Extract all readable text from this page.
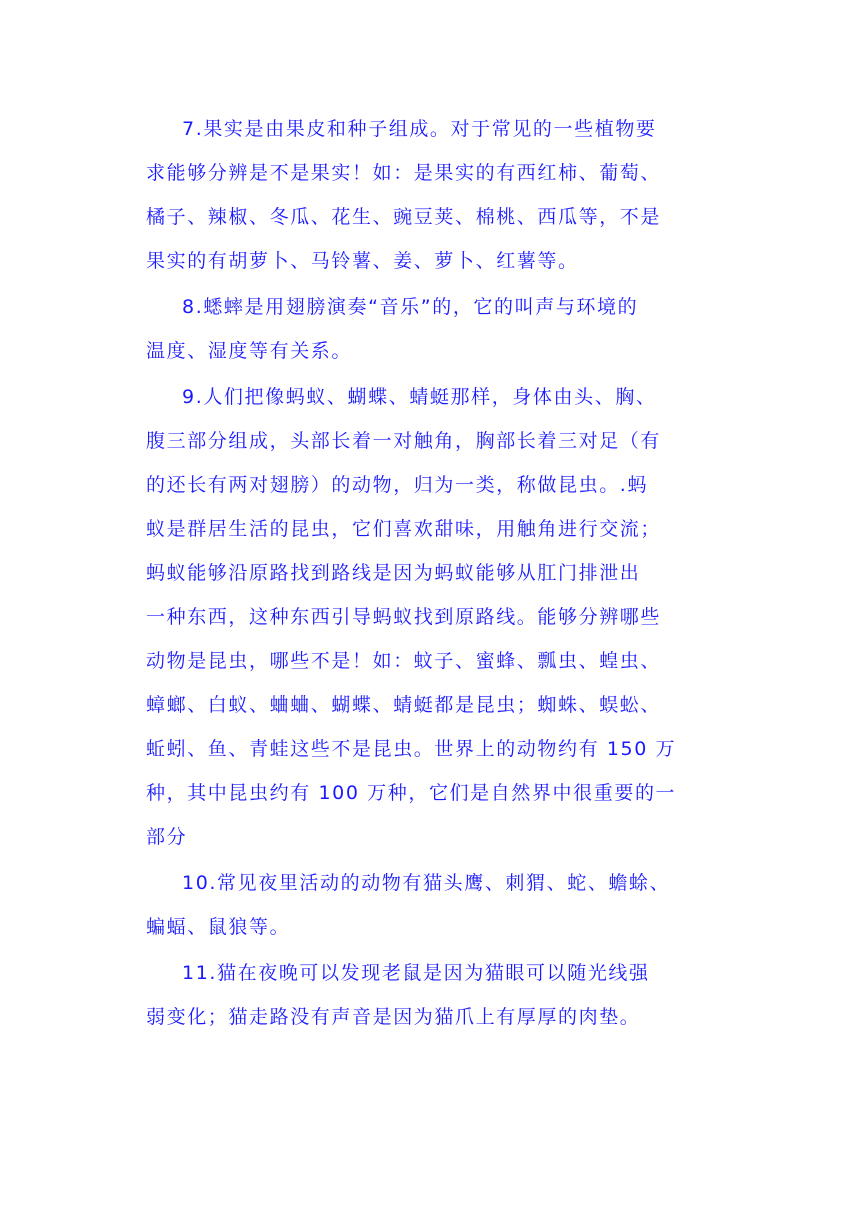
7.果实是由果皮和种子组成。对于常见的一些植物要
求能够分辨是不是果实！如：是果实的有西红柿、葡萄、
橘子、辣椒、冬瓜、花生、豌豆荚、棉桃、西瓜等，不是
果实的有胡萝卜、马铃薯、姜、萝卜、红薯等。
8.蟋蟀是用翅膀演奏“音乐”的，它的叫声与环境的
温度、湿度等有关系。
9.人们把像蚂蚁、蝴蝶、蜻蜓那样，身体由头、胸、
腹三部分组成，头部长着一对触角，胸部长着三对足（有
的还长有两对翅膀）的动物，归为一类，称做昆虫。.蚂
蚁是群居生活的昆虫，它们喜欢甜味，用触角进行交流；
蚂蚁能够沿原路找到路线是因为蚂蚁能够从肛门排泄出
一种东西，这种东西引导蚂蚁找到原路线。能够分辨哪些
动物是昆虫，哪些不是！如：蚊子、蜜蜂、瓢虫、蝗虫、
蟑螂、白蚁、蛐蛐、蝴蝶、蜻蜓都是昆虫；蜘蛛、蜈蚣、
蚯蚓、鱼、青蛙这些不是昆虫。世界上的动物约有 150 万
种，其中昆虫约有 100 万种，它们是自然界中很重要的一
部分
10.常见夜里活动的动物有猫头鹰、刺猬、蛇、蟾蜍、
蝙蝠、鼠狼等。
11.猫在夜晚可以发现老鼠是因为猫眼可以随光线强
弱变化；猫走路没有声音是因为猫爪上有厚厚的肉垫。
